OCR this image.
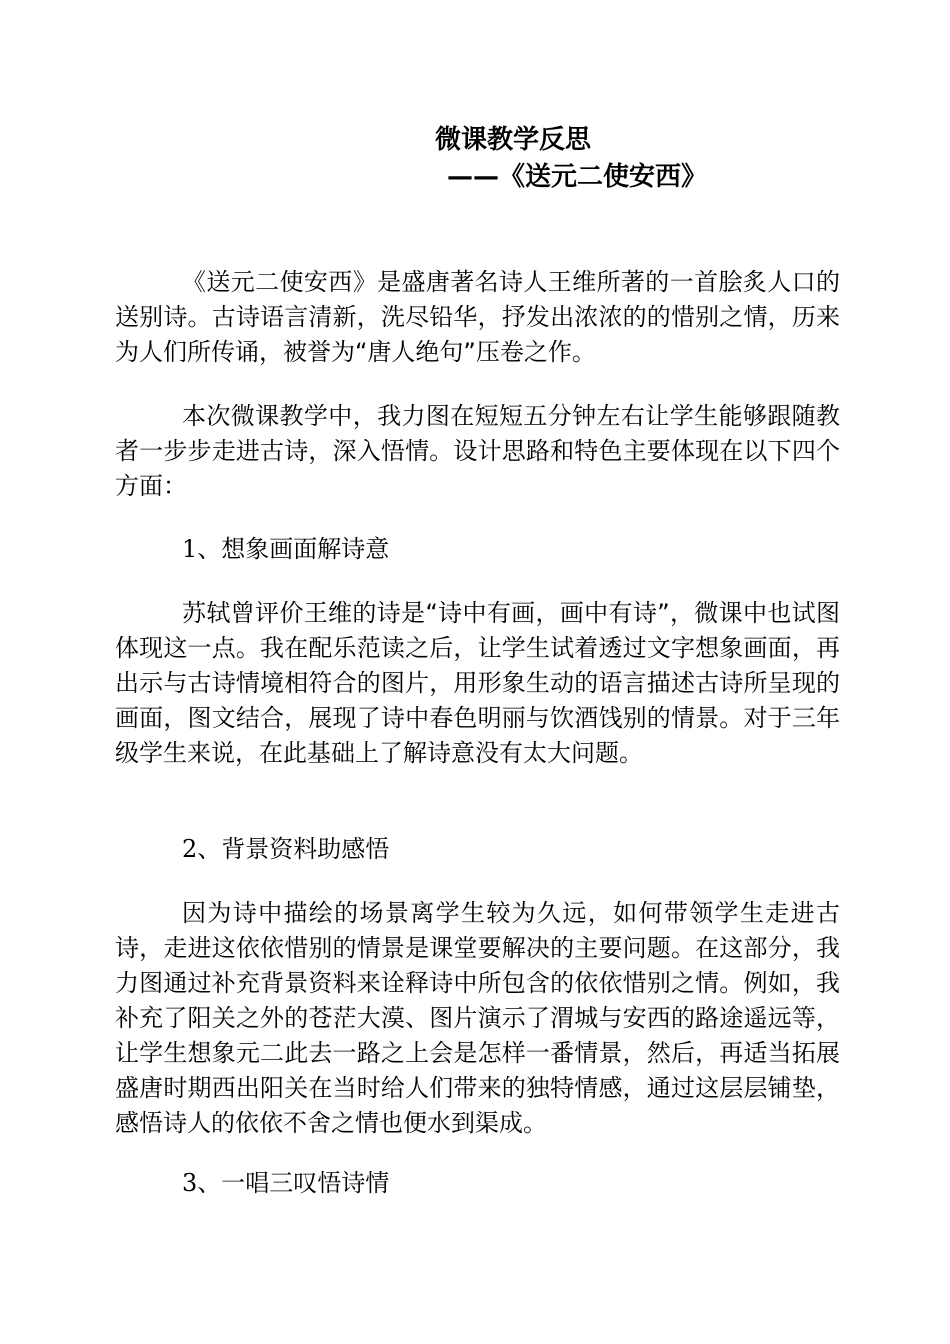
微课教学反思
——《送元二使安西》

《送元二使安西》是盛唐著名诗人王维所著的一首脍炙人口的送别诗。古诗语言清新，洗尽铅华，抒发出浓浓的的惜别之情，历来为人们所传诵，被誉为“唐人绝句”压卷之作。

本次微课教学中，我力图在短短五分钟左右让学生能够跟随教者一步步走进古诗，深入悟情。设计思路和特色主要体现在以下四个方面：

1、想象画面解诗意

苏轼曾评价王维的诗是“诗中有画，画中有诗”，微课中也试图体现这一点。我在配乐范读之后，让学生试着透过文字想象画面，再出示与古诗情境相符合的图片，用形象生动的语言描述古诗所呈现的画面，图文结合，展现了诗中春色明丽与饮酒饯别的情景。对于三年级学生来说，在此基础上了解诗意没有太大问题。

2、背景资料助感悟

因为诗中描绘的场景离学生较为久远，如何带领学生走进古诗，走进这依依惜别的情景是课堂要解决的主要问题。在这部分，我力图通过补充背景资料来诠释诗中所包含的依依惜别之情。例如，我补充了阳关之外的苍茫大漠、图片演示了渭城与安西的路途遥远等，让学生想象元二此去一路之上会是怎样一番情景，然后，再适当拓展盛唐时期西出阳关在当时给人们带来的独特情感，通过这层层铺垫，感悟诗人的依依不舍之情也便水到渠成。

3、一唱三叹悟诗情
